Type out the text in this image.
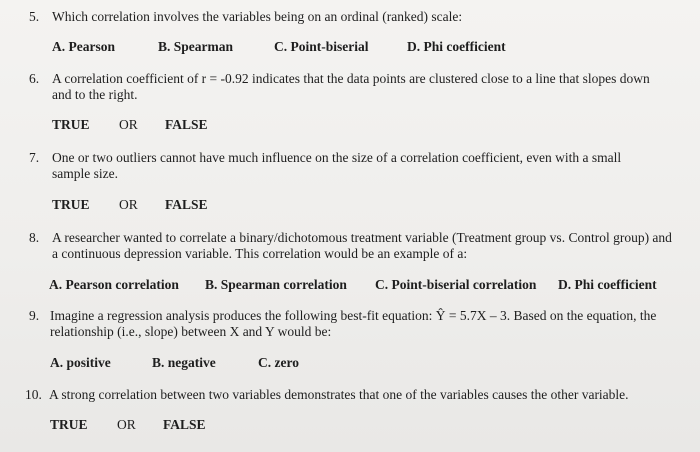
5. Which correlation involves the variables being on an ordinal (ranked) scale:
A. Pearson	B. Spearman	C. Point-biserial	D. Phi coefficient
6. A correlation coefficient of r = -0.92 indicates that the data points are clustered close to a line that slopes down and to the right.
TRUE OR FALSE
7. One or two outliers cannot have much influence on the size of a correlation coefficient, even with a small sample size.
TRUE OR FALSE
8. A researcher wanted to correlate a binary/dichotomous treatment variable (Treatment group vs. Control group) and a continuous depression variable. This correlation would be an example of a:
A. Pearson correlation B. Spearman correlation C. Point-biserial correlation D. Phi coefficient
9. Imagine a regression analysis produces the following best-fit equation: Ŷ = 5.7X – 3. Based on the equation, the relationship (i.e., slope) between X and Y would be:
A. positive	B. negative	C. zero
10. A strong correlation between two variables demonstrates that one of the variables causes the other variable.
TRUE OR FALSE
